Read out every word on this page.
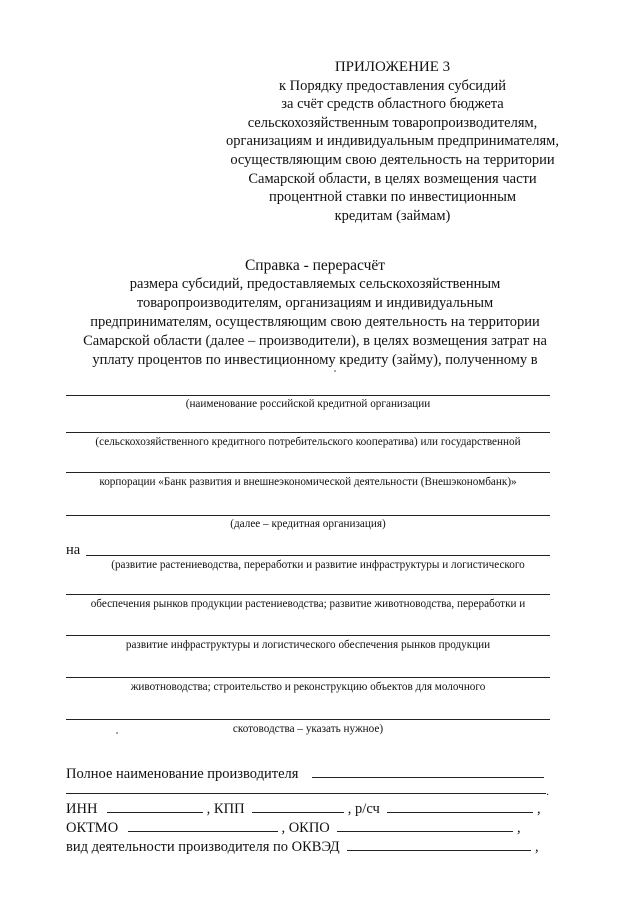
ПРИЛОЖЕНИЕ 3
к Порядку предоставления субсидий
за счёт средств областного бюджета
сельскохозяйственным товаропроизводителям,
организациям и индивидуальным предпринимателям,
осуществляющим свою деятельность на территории
Самарской области, в целях возмещения части
процентной ставки по инвестиционным
кредитам (займам)
Справка - перерасчёт
размера субсидий, предоставляемых сельскохозяйственным
товаропроизводителям, организациям и индивидуальным
предпринимателям, осуществляющим свою деятельность на территории
Самарской области (далее – производители), в целях возмещения затрат на
уплату процентов по инвестиционному кредиту (займу), полученному в
(наименование российской кредитной организации
(сельскохозяйственного кредитного потребительского кооператива) или государственной
корпорации «Банк развития и внешнеэкономической деятельности (Внешэкономбанк)»
(далее – кредитная организация)
на
(развитие растениеводства, переработки и развитие инфраструктуры и логистического
обеспечения рынков продукции растениеводства; развитие животноводства, переработки и
развитие инфраструктуры и логистического обеспечения рынков продукции
животноводства; строительство и реконструкцию объектов для молочного
скотоводства – указать нужное)
Полное наименование производителя
.
ИНН	, КПП	, р/сч	,
ОКТМО	, ОКПО	,
вид деятельности производителя по ОКВЭД	,
